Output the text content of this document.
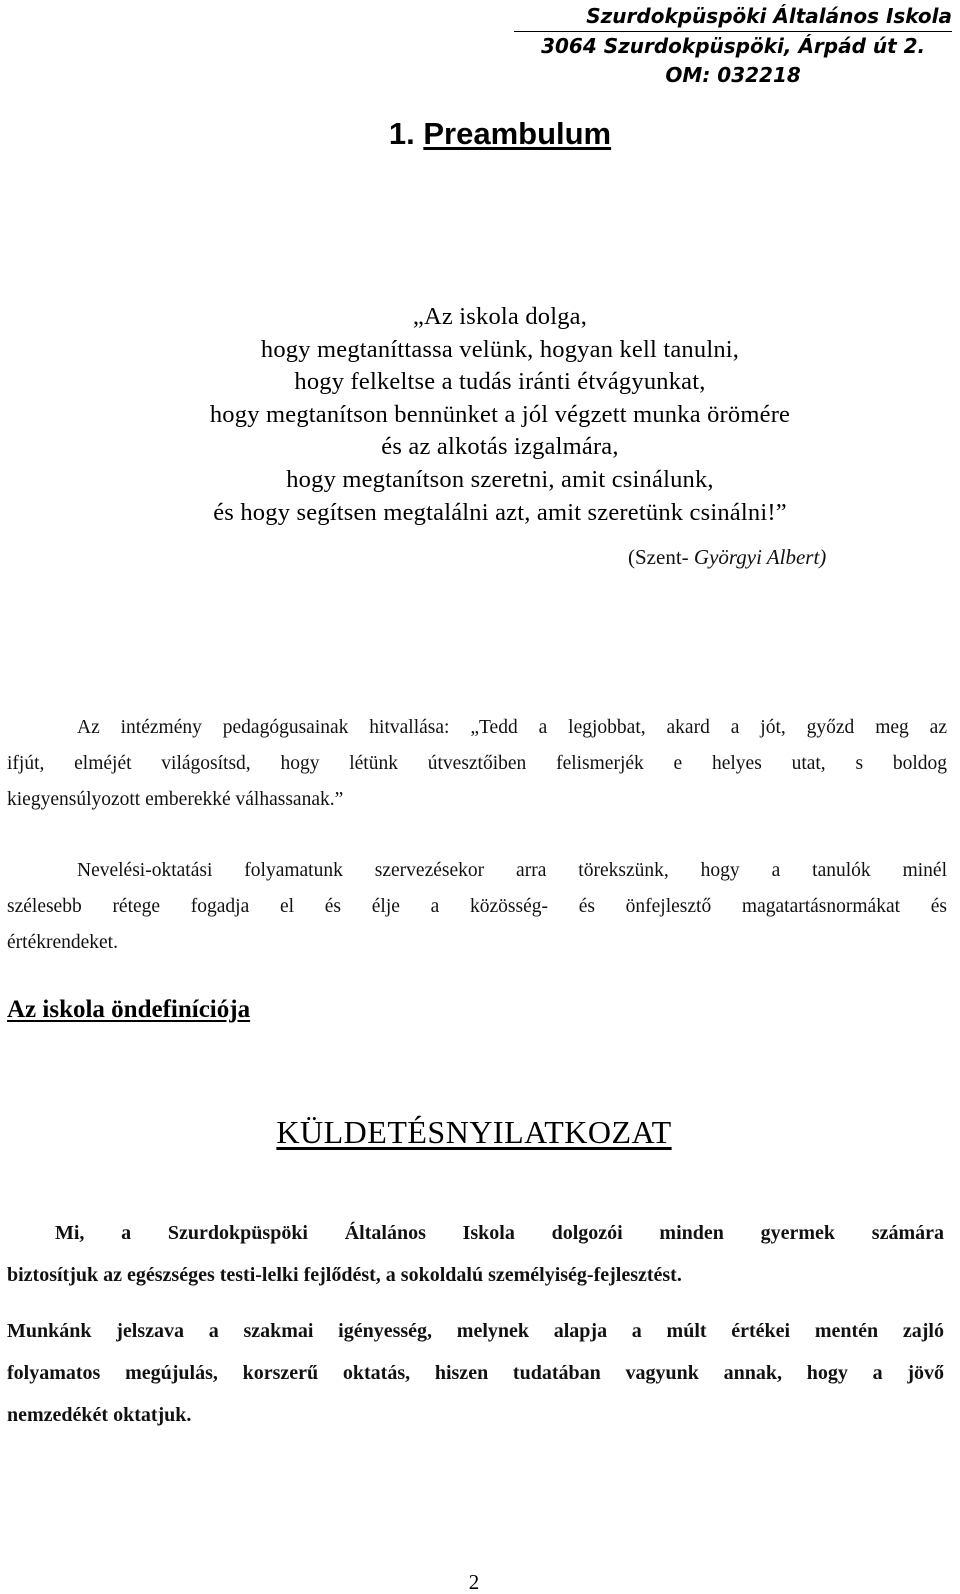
Szurdokpüspöki Általános Iskola
3064 Szurdokpüspöki, Árpád út 2.
OM: 032218
1. Preambulum
„Az iskola dolga,
hogy megtaníttassa velünk, hogyan kell tanulni,
hogy felkeltse a tudás iránti étvágyunkat,
hogy megtanítson bennünket a jól végzett munka örömére
és az alkotás izgalmára,
hogy megtanítson szeretni, amit csinálunk,
és hogy segítsen megtalálni azt, amit szeretünk csinálni!”
(Szent- Györgyi Albert)
Az intézmény pedagógusainak hitvallása: „Tedd a legjobbat, akard a jót, győzd meg az
ifjút, elméjét világosítsd, hogy létünk útvesztőiben felismerjék e helyes utat, s boldog
kiegyensúlyozott emberekké válhassanak.”
Nevelési-oktatási folyamatunk szervezésekor arra törekszünk, hogy a tanulók minél
szélesebb rétege fogadja el és élje a közösség- és önfejlesztő magatartásnormákat és
értékrendeket.
Az iskola öndefiníciója
KÜLDETÉSNYILATKOZAT
Mi, a Szurdokpüspöki Általános Iskola dolgozói minden gyermek számára
biztosítjuk az egészséges testi-lelki fejlődést, a sokoldalú személyiség-fejlesztést.
Munkánk jelszava a szakmai igényesség, melynek alapja a múlt értékei mentén zajló
folyamatos megújulás, korszerű oktatás, hiszen tudatában vagyunk annak, hogy a jövő
nemzedékét oktatjuk.
2
